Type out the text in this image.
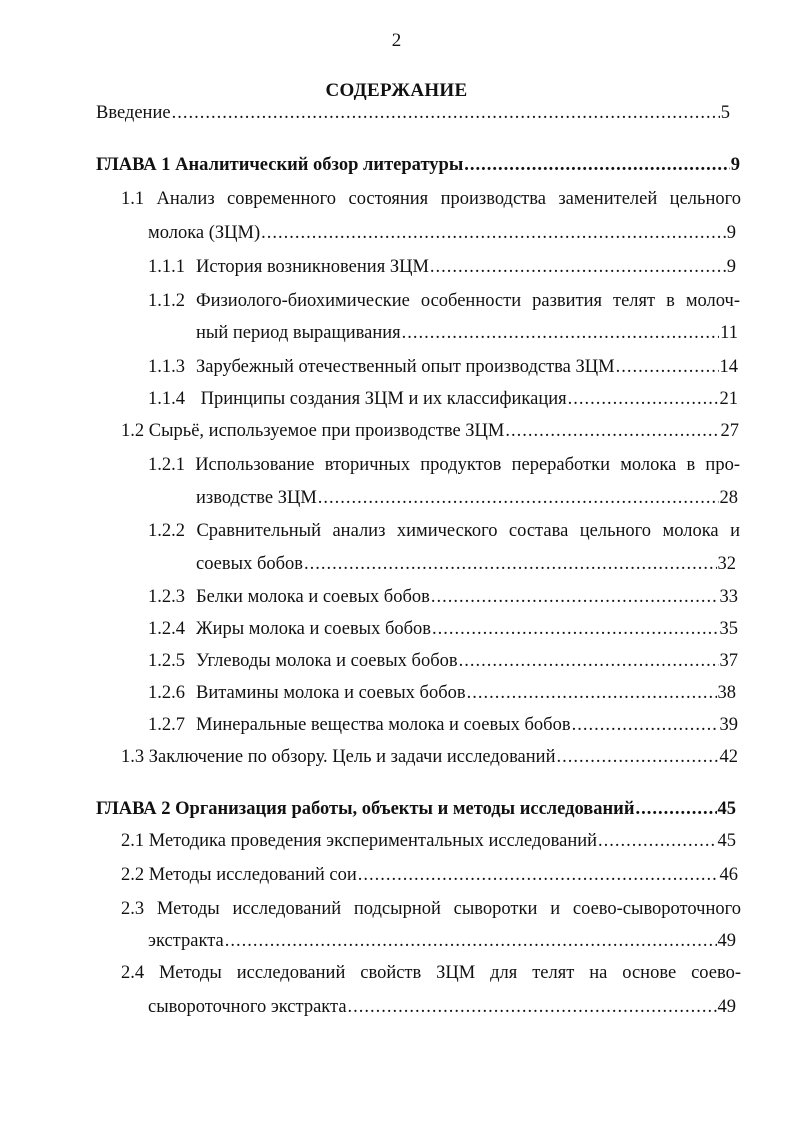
2
СОДЕРЖАНИЕ
Введение .....	5
ГЛАВА 1 Аналитический обзор литературы .....	9
1.1 Анализ современного состояния производства заменителей цельного
молока (ЗЦМ) .....	9
1.1.1 История возникновения ЗЦМ .....	9
1.1.2 Физиолого-биохимические особенности развития телят в молоч-
ный период выращивания .....	11
1.1.3 Зарубежный отечественный опыт производства ЗЦМ .....	14
1.1.4 Принципы создания ЗЦМ и их классификация .....	21
1.2 Сырьё, используемое при производстве ЗЦМ .....	27
1.2.1 Использование вторичных продуктов переработки молока в про-
изводстве ЗЦМ .....	28
1.2.2 Сравнительный анализ химического состава цельного молока и
соевых бобов .....	32
1.2.3 Белки молока и соевых бобов .....	33
1.2.4 Жиры молока и соевых бобов .....	35
1.2.5 Углеводы молока и соевых бобов .....	37
1.2.6 Витамины молока и соевых бобов .....	38
1.2.7 Минеральные вещества молока и соевых бобов .....	39
1.3 Заключение по обзору. Цель и задачи исследований .....	42
ГЛАВА 2 Организация работы, объекты и методы исследований .....	45
2.1 Методика проведения экспериментальных исследований .....	45
2.2 Методы исследований сои .....	46
2.3 Методы исследований подсырной сыворотки и соево-сывороточного
экстракта .....	49
2.4 Методы исследований свойств ЗЦМ для телят на основе соево-
сывороточного экстракта .....	49
